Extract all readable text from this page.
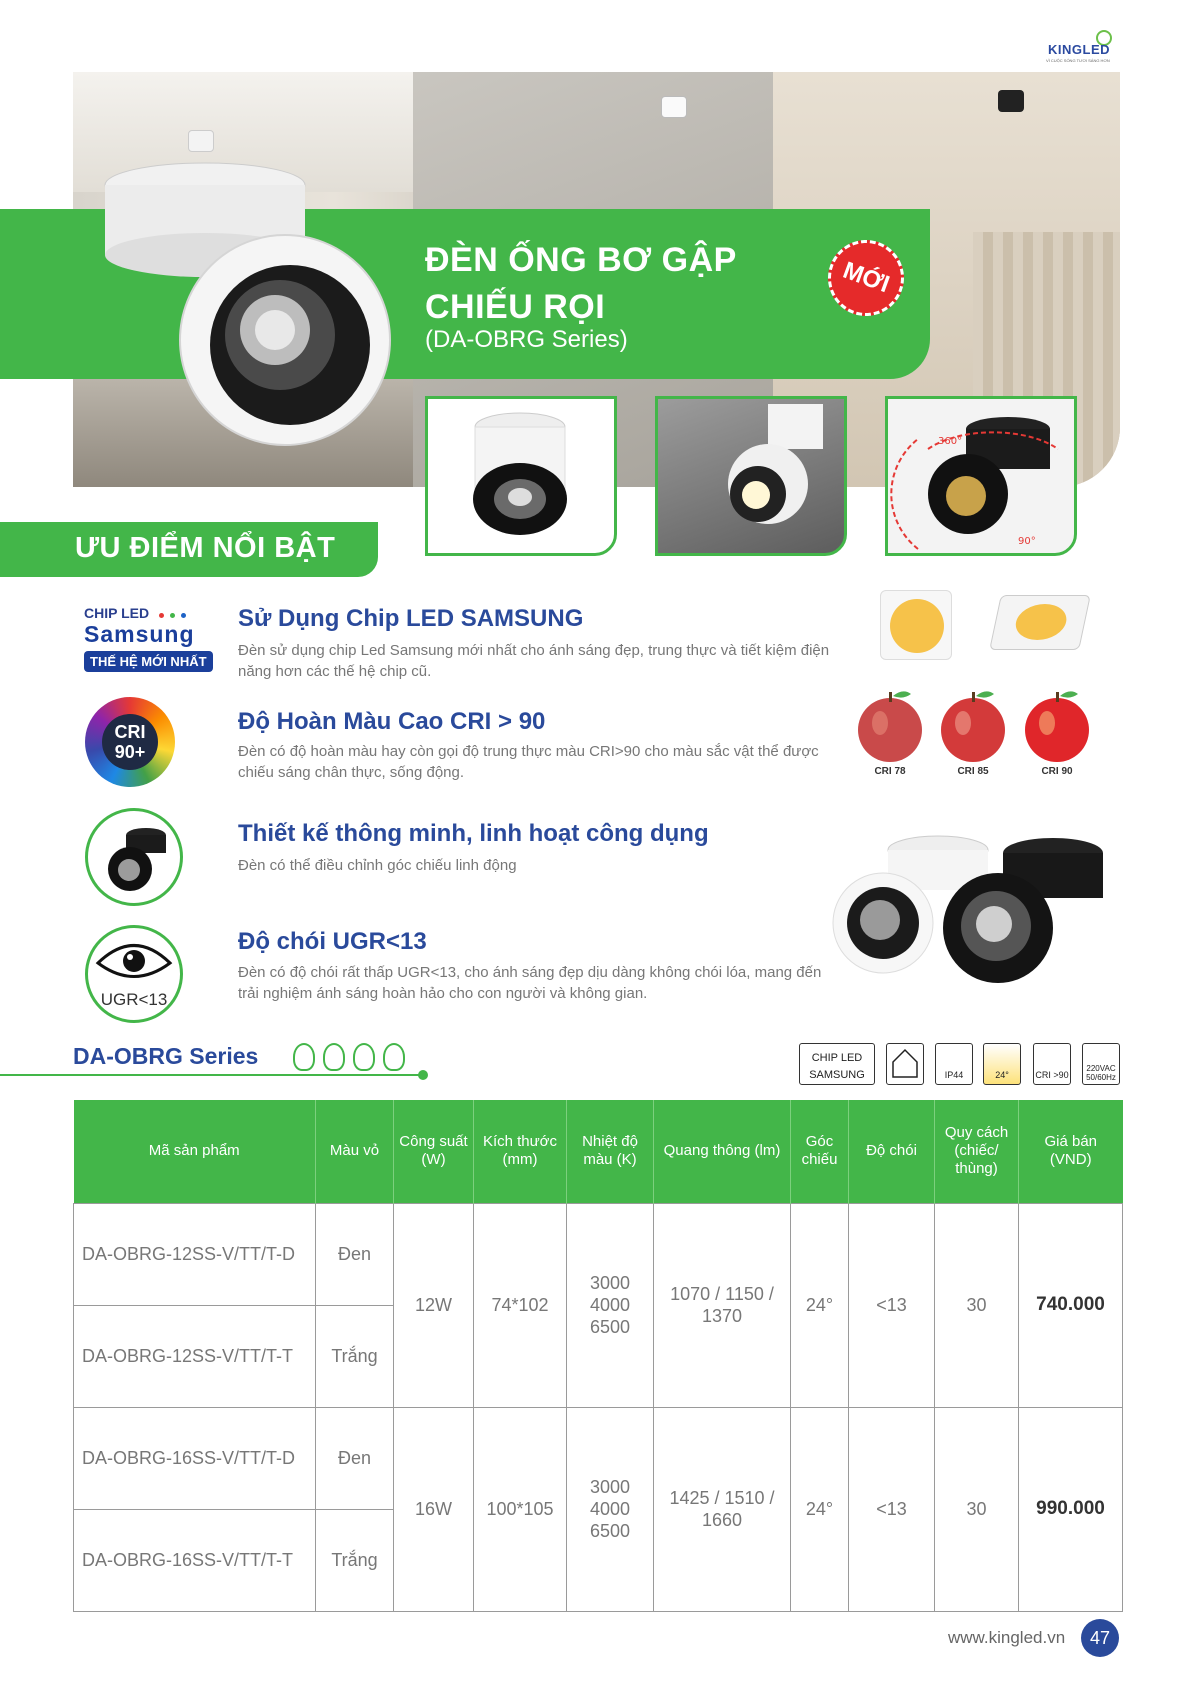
KINGLED
VÌ CUỘC SỐNG TƯƠI SÁNG HƠN
ĐÈN ỐNG BƠ GẬP
CHIẾU RỌI
(DA-OBRG Series)
MỚI
360°
90°
ƯU ĐIỂM NỔI BẬT
CHIP LED
Samsung
THẾ HỆ MỚI NHẤT
Sử Dụng Chip LED SAMSUNG
Đèn sử dụng chip Led Samsung mới nhất cho ánh sáng đẹp, trung thực và tiết kiệm điện năng hơn các thế hệ chip cũ.
CRI
90+
Độ Hoàn Màu Cao CRI > 90
Đèn có độ hoàn màu hay còn gọi độ trung thực màu CRI>90 cho màu sắc vật thể được chiếu sáng chân thực, sống động.	CRI 78	CRI 85	CRI 90
Thiết kế thông minh, linh hoạt công dụng
Đèn có thể điều chỉnh góc chiếu linh động
UGR<13
Độ chói UGR<13
Đèn có độ chói rất thấp UGR<13, cho ánh sáng đẹp dịu dàng không chói lóa, mang đến trải nghiệm ánh sáng hoàn hảo cho con người và không gian.
DA-OBRG Series	CHIP LED
SAMSUNG	IP44	24°	CRI >90
220VAC
50/60Hz
Mã sản phẩm	Màu vỏ	Công suất (W)	Kích thước (mm)	Nhiệt độ màu (K)	Quang thông (lm)	Góc chiếu	Độ chói	Quy cách (chiếc/ thùng)	Giá bán (VND)
DA-OBRG-12SS-V/TT/T-D	Đen	12W	74*102	3000 4000 6500	1070 / 1150 / 1370	24°	<13	30	740.000
DA-OBRG-12SS-V/TT/T-T	Trắng								
DA-OBRG-16SS-V/TT/T-D	Đen	16W	100*105	3000 4000 6500	1425 / 1510 / 1660	24°	<13	30	990.000
DA-OBRG-16SS-V/TT/T-T	Trắng								
www.kingled.vn	47
